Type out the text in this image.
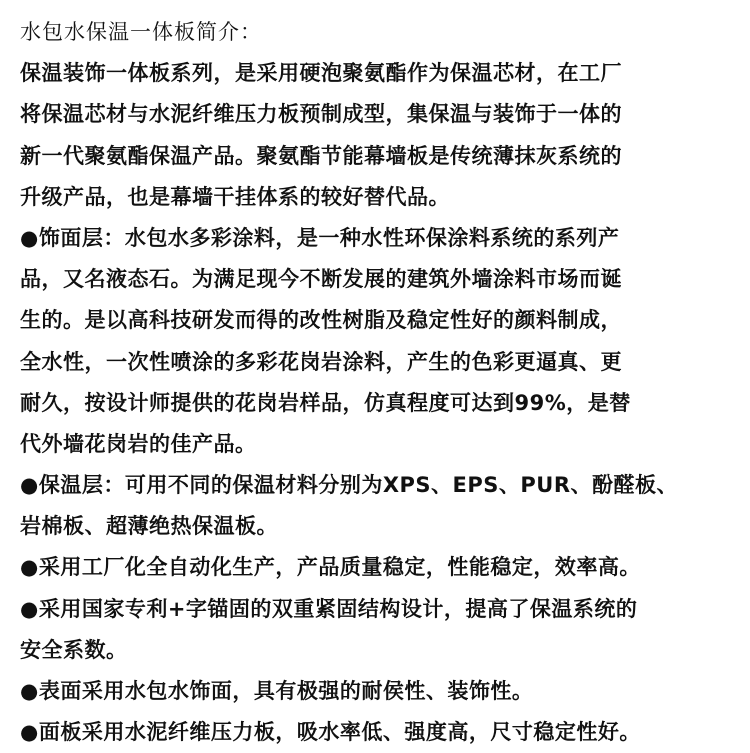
水包水保温一体板简介：
保温装饰一体板系列，是采用硬泡聚氨酯作为保温芯材，在工厂
将保温芯材与水泥纤维压力板预制成型，集保温与装饰于一体的
新一代聚氨酯保温产品。聚氨酯节能幕墙板是传统薄抹灰系统的
升级产品，也是幕墙干挂体系的较好替代品。
●饰面层：水包水多彩涂料，是一种水性环保涂料系统的系列产
品，又名液态石。为满足现今不断发展的建筑外墙涂料市场而诞
生的。是以高科技研发而得的改性树脂及稳定性好的颜料制成，
全水性，一次性喷涂的多彩花岗岩涂料，产生的色彩更逼真、更
耐久，按设计师提供的花岗岩样品，仿真程度可达到99%，是替
代外墙花岗岩的佳产品。
●保温层：可用不同的保温材料分别为XPS、EPS、PUR、酚醛板、
岩棉板、超薄绝热保温板。
●采用工厂化全自动化生产，产品质量稳定，性能稳定，效率高。
●采用国家专利+字锚固的双重紧固结构设计，提高了保温系统的
安全系数。
●表面采用水包水饰面，具有极强的耐侯性、装饰性。
●面板采用水泥纤维压力板，吸水率低、强度高，尺寸稳定性好。
